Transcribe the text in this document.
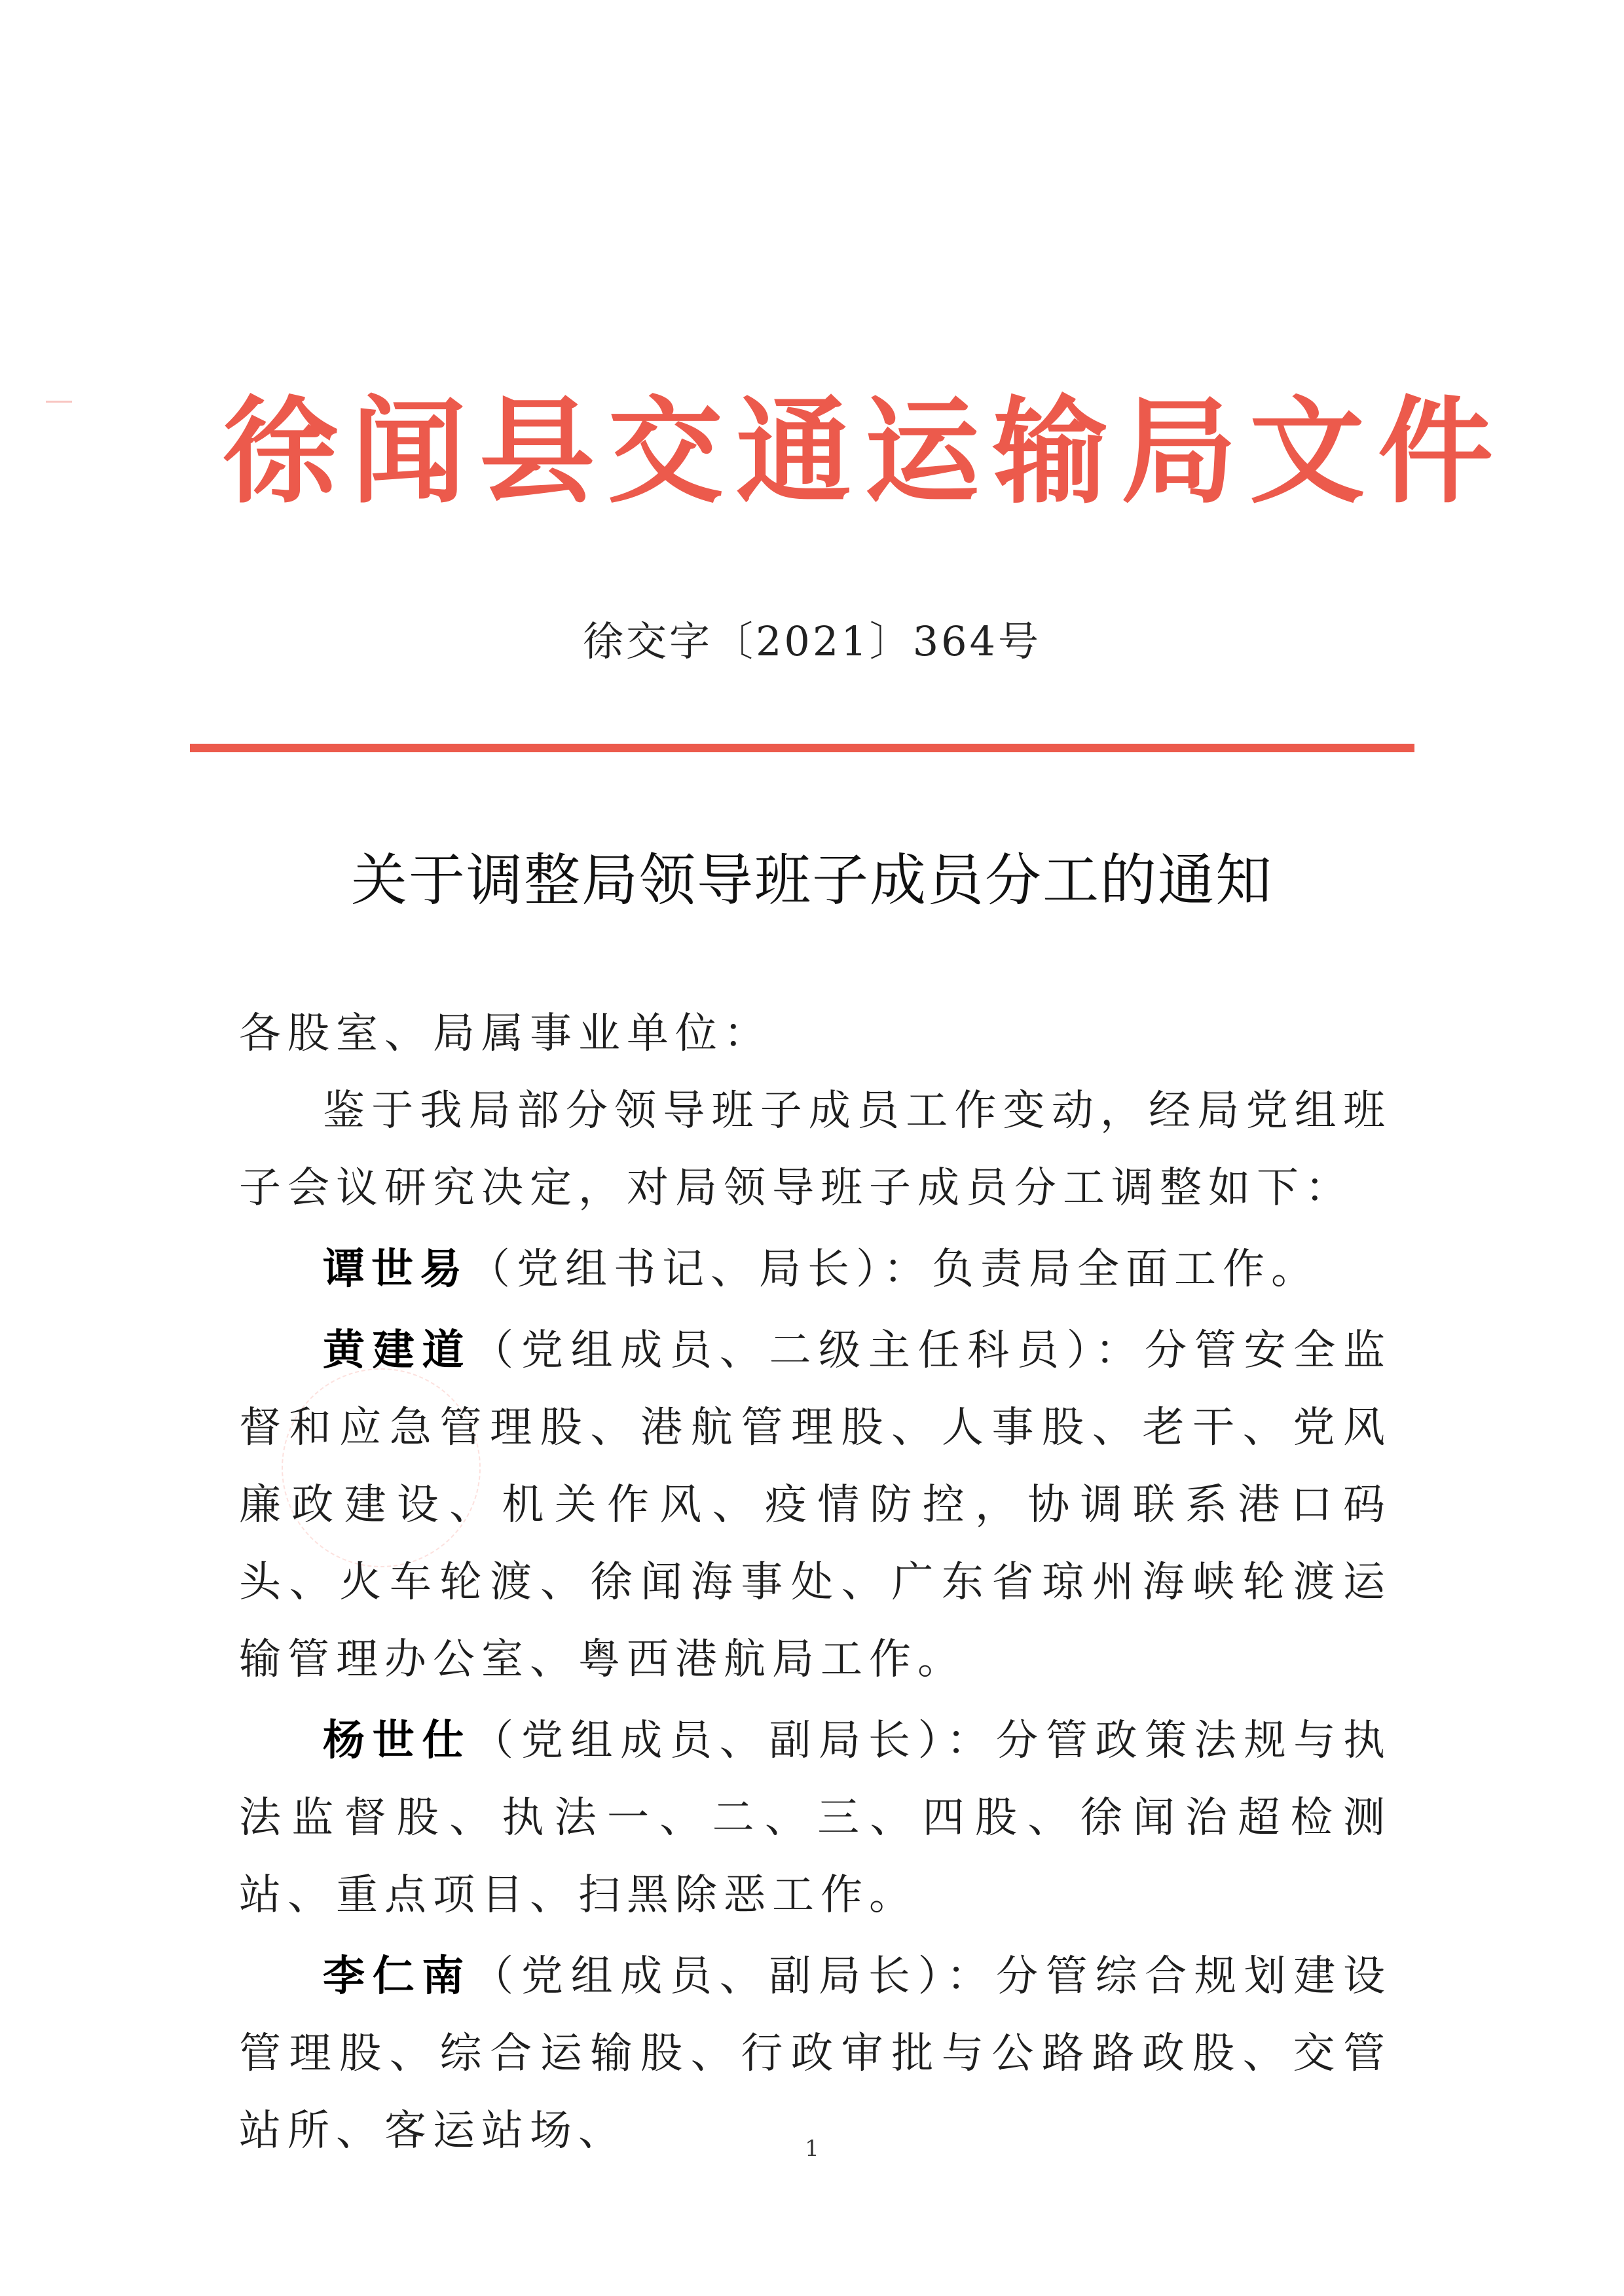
徐闻县交通运输局文件
徐交字〔2021〕364号
关于调整局领导班子成员分工的通知

各股室、局属事业单位：

鉴于我局部分领导班子成员工作变动，经局党组班子会议研究决定，对局领导班子成员分工调整如下：

谭世易（党组书记、局长）：负责局全面工作。

黄建道（党组成员、二级主任科员）：分管安全监督和应急管理股、港航管理股、人事股、老干、党风廉政建设、机关作风、疫情防控，协调联系港口码头、火车轮渡、徐闻海事处、广东省琼州海峡轮渡运输管理办公室、粤西港航局工作。

杨世仕（党组成员、副局长）：分管政策法规与执法监督股、执法一、二、三、四股、徐闻治超检测站、重点项目、扫黑除恶工作。

李仁南（党组成员、副局长）：分管综合规划建设管理股、综合运输股、行政审批与公路路政股、交管站所、客运站场、	1
